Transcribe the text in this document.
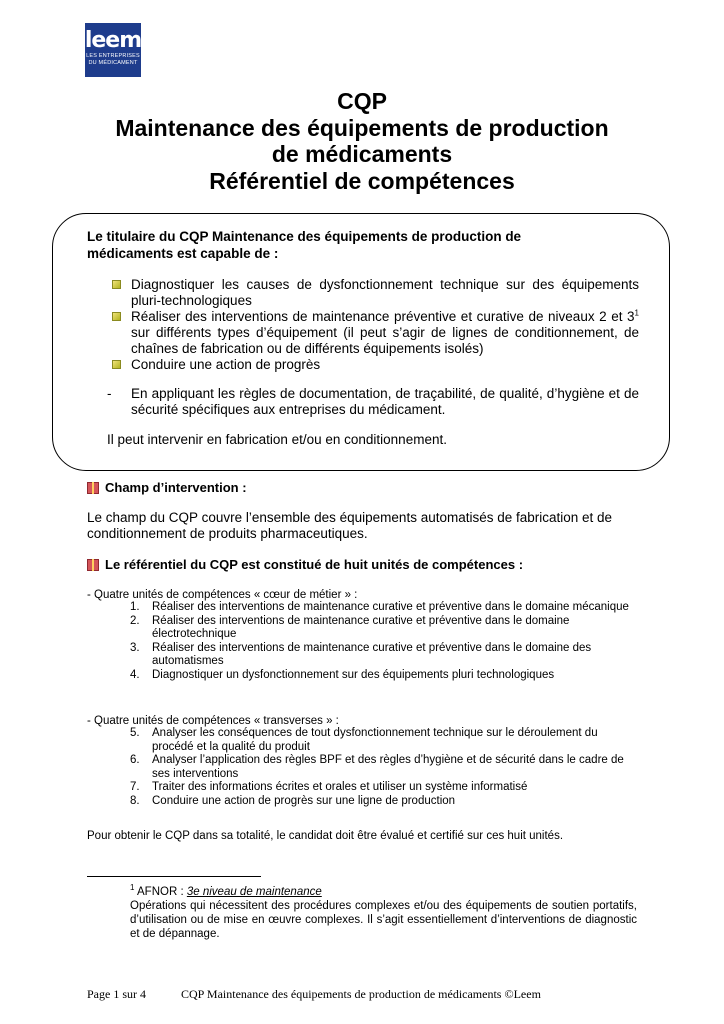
leem
LES ENTREPRISES
DU MÉDICAMENT
CQP
Maintenance des équipements de production
de médicaments
Référentiel de compétences
Le titulaire du CQP Maintenance des équipements de production de médicaments est capable de :
Diagnostiquer les causes de dysfonctionnement technique sur des équipements pluri-technologiques
Réaliser des interventions de maintenance préventive et curative de niveaux 2 et $3^1$ sur différents types d’équipement (il peut s’agir de lignes de conditionnement, de chaînes de fabrication ou de différents équipements isolés)
Conduire une action de progrès
-	En appliquant les règles de documentation, de traçabilité, de qualité, d’hygiène et de sécurité spécifiques aux entreprises du médicament.
Il peut intervenir en fabrication et/ou en conditionnement.
Champ d’intervention :
Le champ du CQP couvre l’ensemble des équipements automatisés de fabrication et de conditionnement de produits pharmaceutiques.
Le référentiel du CQP est constitué de huit unités de compétences :
- Quatre unités de compétences « cœur de métier » :
1. Réaliser des interventions de maintenance curative et préventive dans le domaine mécanique
2. Réaliser des interventions de maintenance curative et préventive dans le domaine électrotechnique
3. Réaliser des interventions de maintenance curative et préventive dans le domaine des automatismes
4. Diagnostiquer un dysfonctionnement sur des équipements pluri technologiques
- Quatre unités de compétences « transverses » :
5. Analyser les conséquences de tout dysfonctionnement technique sur le déroulement du procédé et la qualité du produit
6. Analyser l’application des règles BPF et des règles d’hygiène et de sécurité dans le cadre de ses interventions
7. Traiter des informations écrites et orales et utiliser un système informatisé
8. Conduire une action de progrès sur une ligne de production
Pour obtenir le CQP dans sa totalité, le candidat doit être évalué et certifié sur ces huit unités.
$^1$ AFNOR : 3e niveau de maintenance
Opérations qui nécessitent des procédures complexes et/ou des équipements de soutien portatifs, d’utilisation ou de mise en œuvre complexes. Il s’agit essentiellement d’interventions de diagnostic et de dépannage.
Page 1 sur 4	CQP Maintenance des équipements de production de médicaments ©Leem
